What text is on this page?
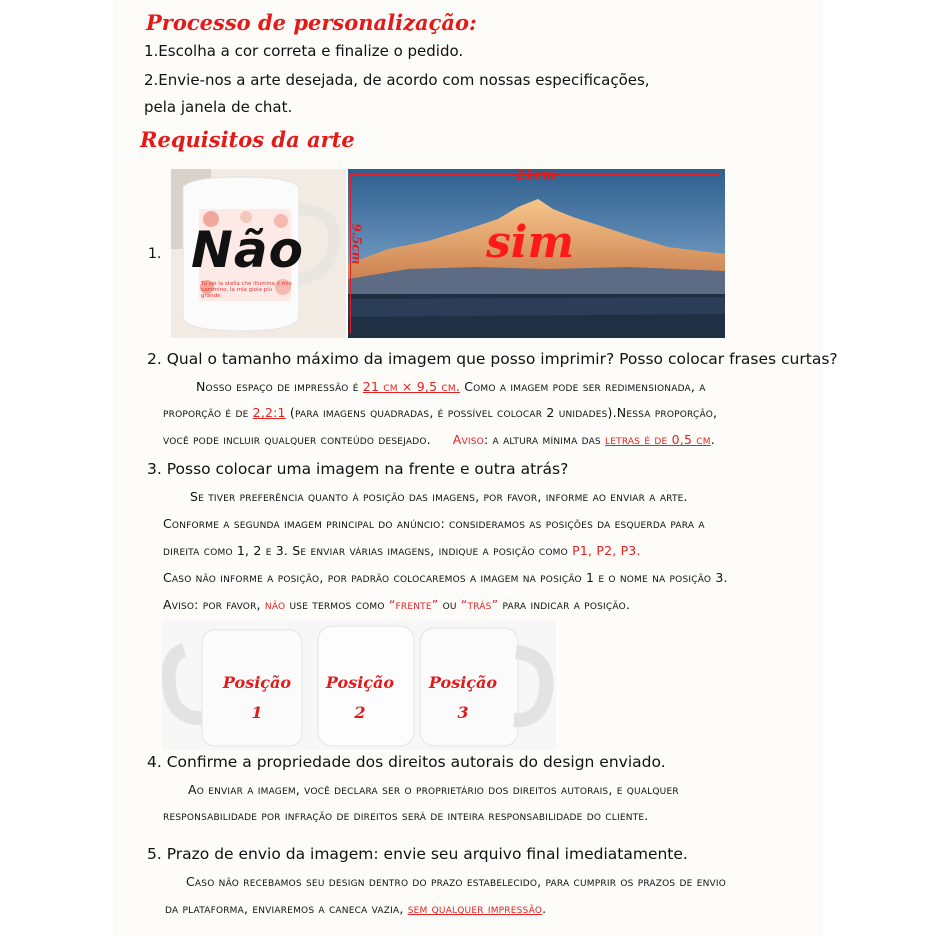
Processo de personalização:
1.Escolha a cor correta e finalize o pedido.
2.Envie-nos a arte desejada, de acordo com nossas especificações,
pela janela de chat.
Requisitos da arte
1.
Tu sei la stella che illumina il mio cammino, la mia gioia più grande
Não
21cm
9.5cm	sim
2. Qual o tamanho máximo da imagem que posso imprimir? Posso colocar frases curtas?
Nosso espaço de impressão é 21 cm × 9,5 cm. Como a imagem pode ser redimensionada, a
proporção é de 2,2:1 (para imagens quadradas, é possível colocar 2 unidades).Nessa proporção,
você pode incluir qualquer conteúdo desejado. Aviso: a altura mínima das letras é de 0,5 cm.
3. Posso colocar uma imagem na frente e outra atrás?
Se tiver preferência quanto à posição das imagens, por favor, informe ao enviar a arte.
Conforme a segunda imagem principal do anúncio: consideramos as posições da esquerda para a
direita como 1, 2 e 3. Se enviar várias imagens, indique a posição como P1, P2, P3.
Caso não informe a posição, por padrão colocaremos a imagem na posição 1 e o nome na posição 3.
Aviso: por favor, não use termos como “frente” ou “trás” para indicar a posição.
Posição
1
Posição
2
Posição
3
4. Confirme a propriedade dos direitos autorais do design enviado.
Ao enviar a imagem, você declara ser o proprietário dos direitos autorais, e qualquer
responsabilidade por infração de direitos será de inteira responsabilidade do cliente.
5. Prazo de envio da imagem: envie seu arquivo final imediatamente.
Caso não recebamos seu design dentro do prazo estabelecido, para cumprir os prazos de envio
da plataforma, enviaremos a caneca vazia, sem qualquer impressão.
